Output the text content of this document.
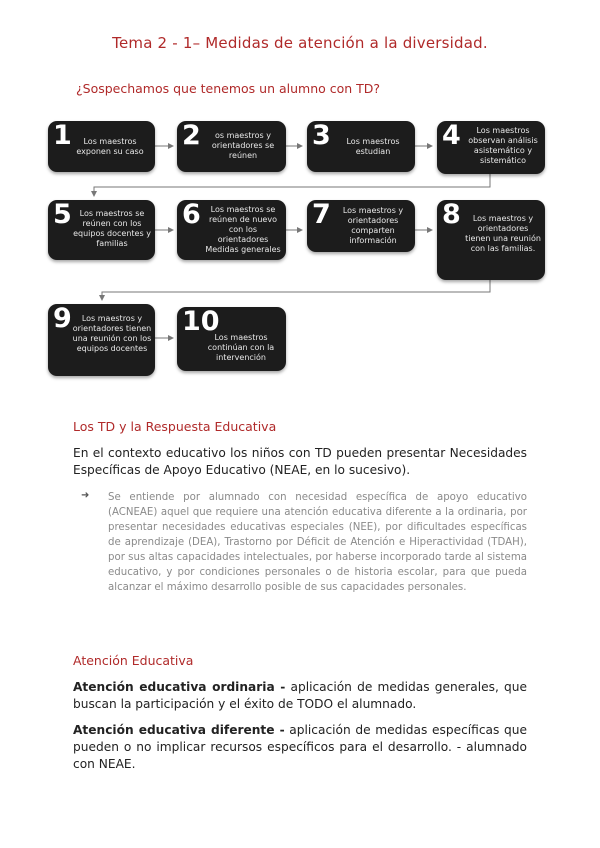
Tema 2 - 1– Medidas de atención a la diversidad.
¿Sospechamos que tenemos un alumno con TD?
1	Los maestros exponen su caso
2	os maestros y orientadores se reúnen
3	Los maestros estudian
4	Los maestros observan análisis asistemático y sistemático
5 Los maestros se reúnen con los equipos docentes y familias
6	Los maestros se reúnen de nuevo con los orientadores Medidas generales
7	Los maestros y orientadores comparten información
8	Los maestros y orientadores tienen una reunión con las familias.
9	Los maestros y orientadores tienen una reunión con los equipos docentes
10
Los maestros continúan con la intervención
Los TD y la Respuesta Educativa
En el contexto educativo los niños con TD pueden presentar Necesidades Específicas de Apoyo Educativo (NEAE, en lo sucesivo).
➜ Se entiende por alumnado con necesidad específica de apoyo educativo (ACNEAE) aquel que requiere una atención educativa diferente a la ordinaria, por presentar necesidades educativas especiales (NEE), por dificultades específicas de aprendizaje (DEA), Trastorno por Déficit de Atención e Hiperactividad (TDAH), por sus altas capacidades intelectuales, por haberse incorporado tarde al sistema educativo, y por condiciones personales o de historia escolar, para que pueda alcanzar el máximo desarrollo posible de sus capacidades personales.
Atención Educativa
Atención educativa ordinaria - aplicación de medidas generales, que buscan la participación y el éxito de TODO el alumnado.
Atención educativa diferente - aplicación de medidas específicas que pueden o no implicar recursos específicos para el desarrollo. - alumnado con NEAE.
